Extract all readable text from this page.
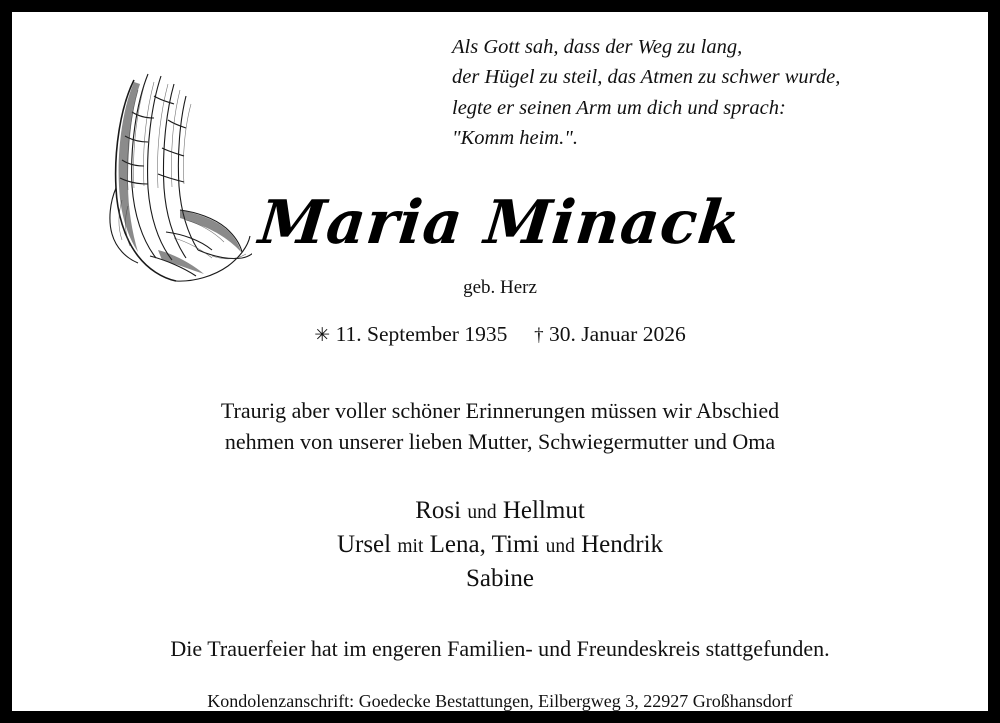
Als Gott sah, dass der Weg zu lang,
der Hügel zu steil, das Atmen zu schwer wurde,
legte er seinen Arm um dich und sprach:
"Komm heim.".
Maria Minack
geb. Herz
✳ 11. September 1935 † 30. Januar 2026
Traurig aber voller schöner Erinnerungen müssen wir Abschied
nehmen von unserer lieben Mutter, Schwiegermutter und Oma
Rosi und Hellmut
Ursel mit Lena, Timi und Hendrik
Sabine
Die Trauerfeier hat im engeren Familien- und Freundeskreis stattgefunden.
Kondolenzanschrift: Goedecke Bestattungen, Eilbergweg 3, 22927 Großhansdorf
